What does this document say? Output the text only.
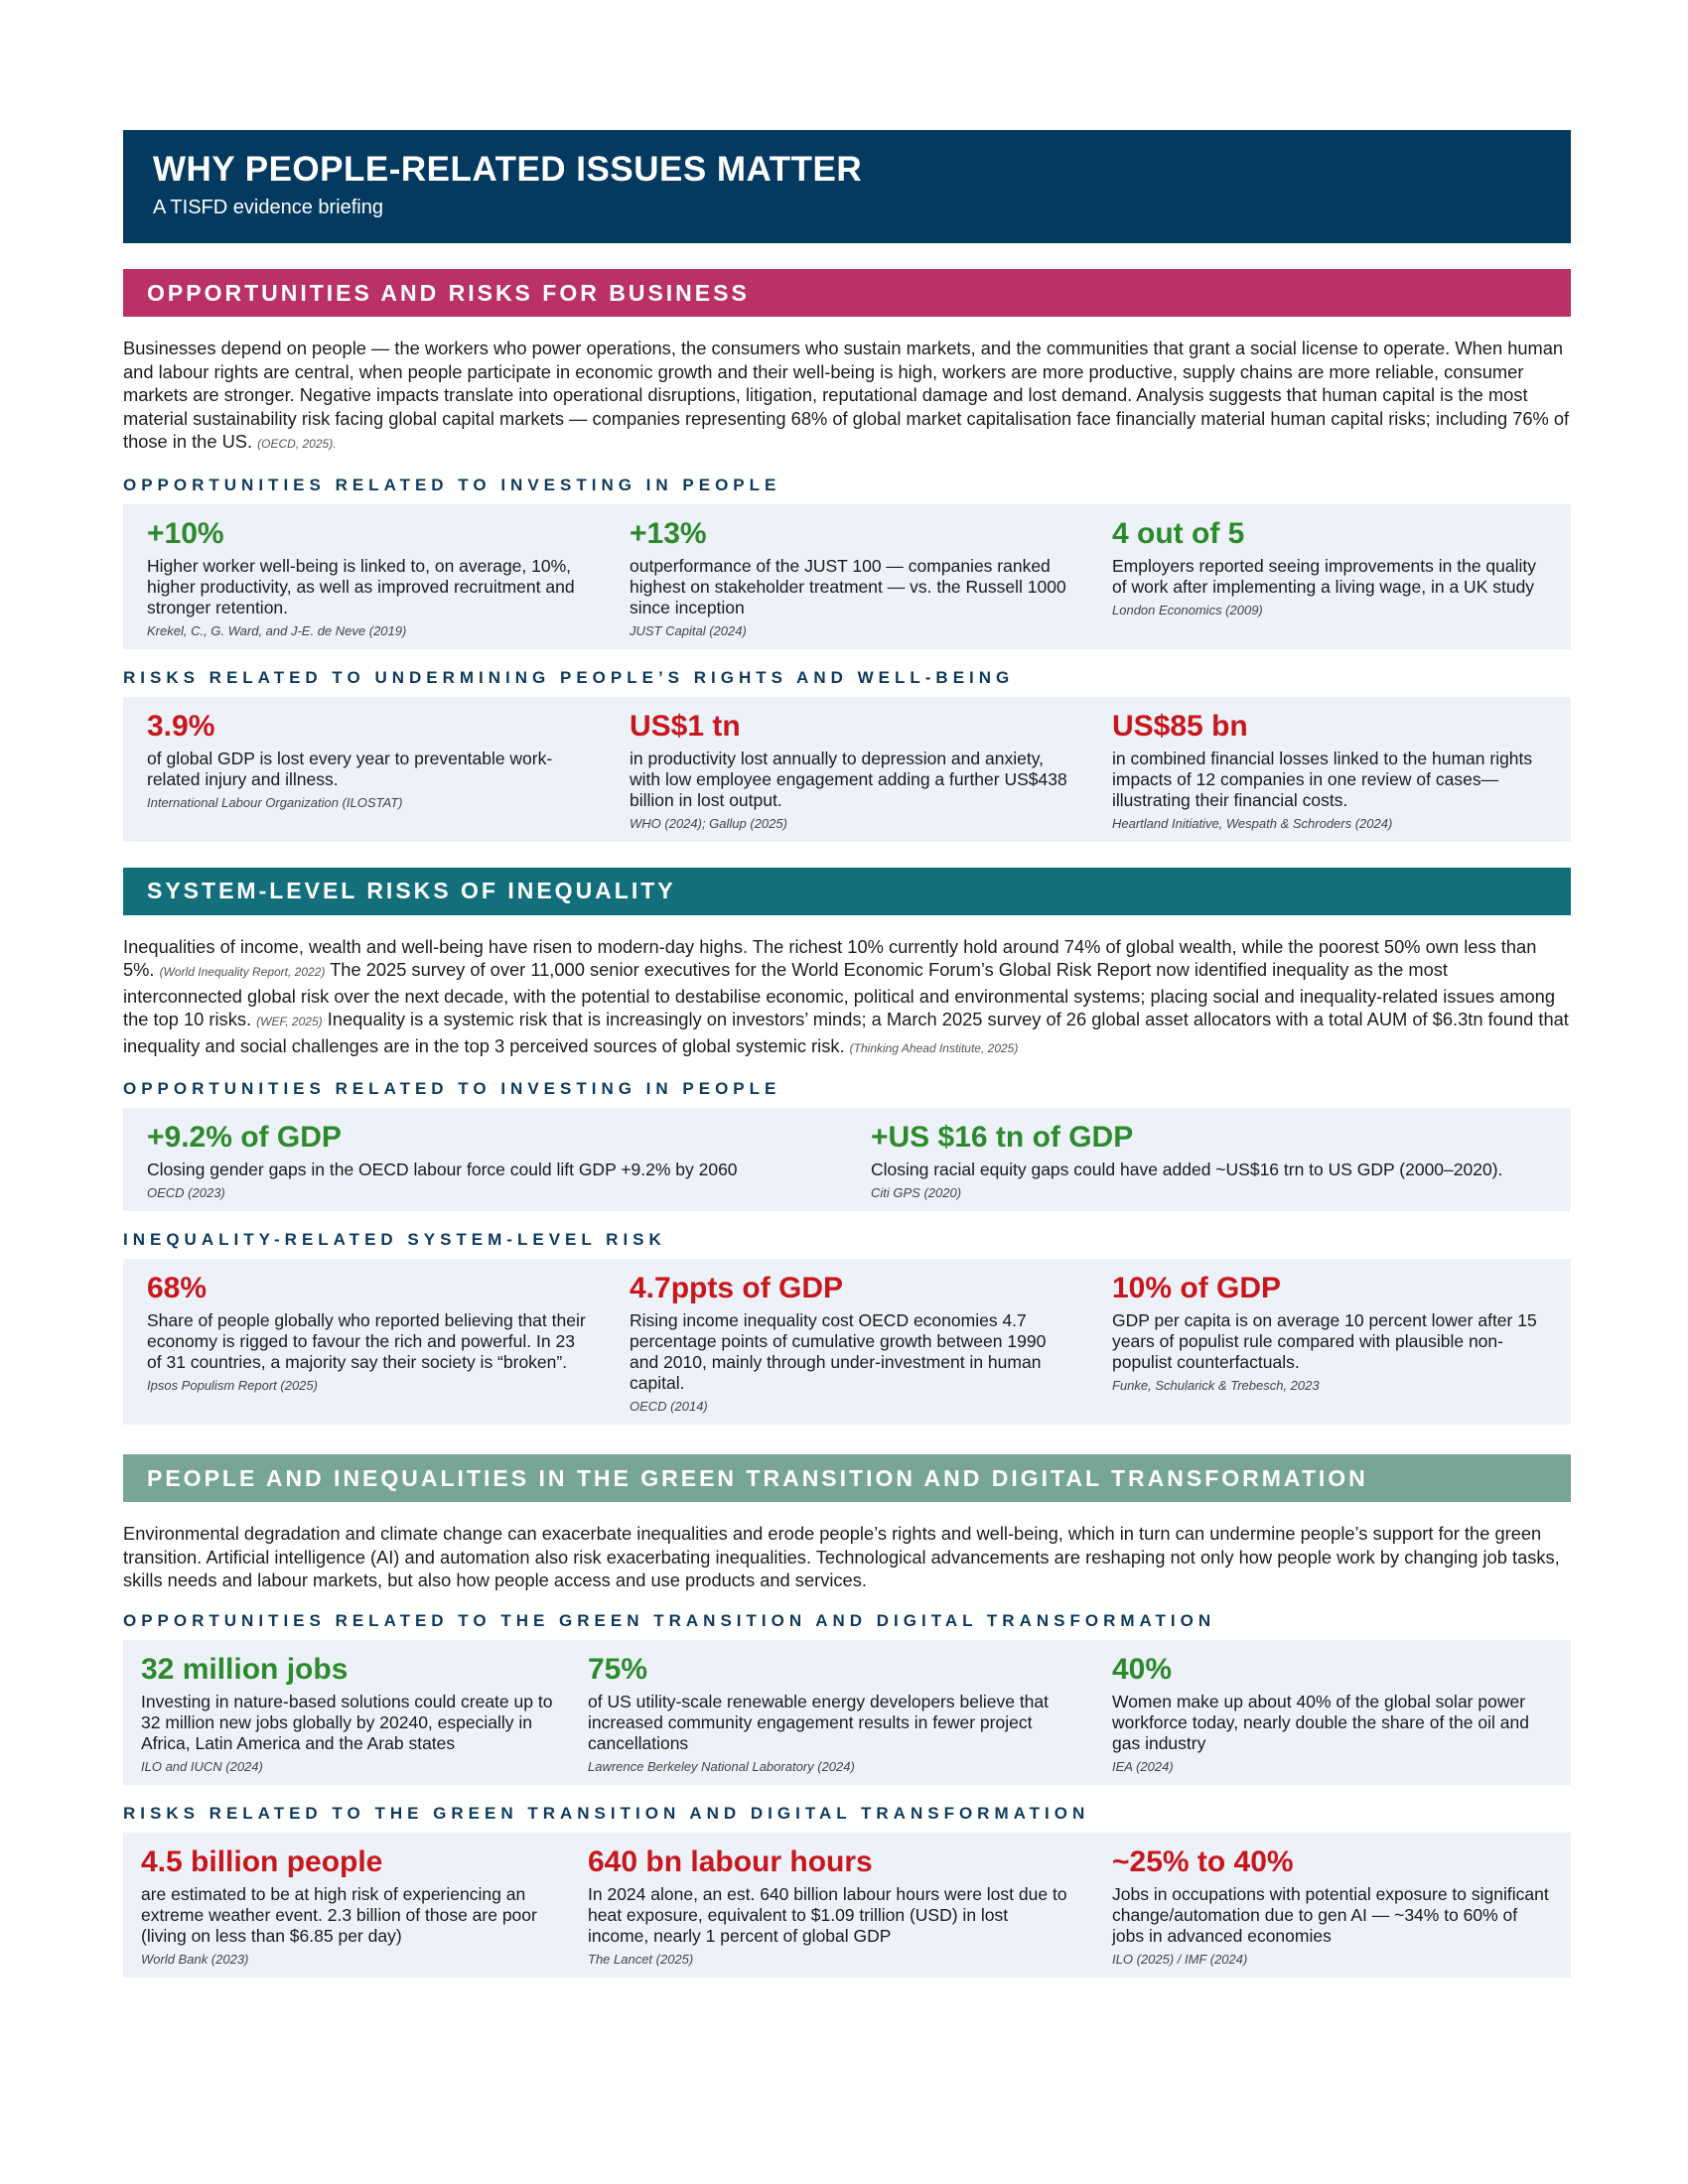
WHY PEOPLE-RELATED ISSUES MATTER
A TISFD evidence briefing
OPPORTUNITIES AND RISKS FOR BUSINESS

Businesses depend on people — the workers who power operations, the consumers who sustain markets, and the communities that grant a social license to operate. When human and labour rights are central, when people participate in economic growth and their well-being is high, workers are more productive, supply chains are more reliable, consumer markets are stronger. Negative impacts translate into operational disruptions, litigation, reputational damage and lost demand. Analysis suggests that human capital is the most material sustainability risk facing global capital markets — companies representing 68% of global market capitalisation face financially material human capital risks; including 76% of those in the US. (OECD, 2025).

OPPORTUNITIES RELATED TO INVESTING IN PEOPLE
+10%
Higher worker well-being is linked to, on average, 10%, higher productivity, as well as improved recruitment and stronger retention.
Krekel, C., G. Ward, and J-E. de Neve (2019)
+13%
outperformance of the JUST 100 — companies ranked highest on stakeholder treatment — vs. the Russell 1000 since inception
JUST Capital (2024)
4 out of 5
Employers reported seeing improvements in the quality of work after implementing a living wage, in a UK study
London Economics (2009)
RISKS RELATED TO UNDERMINING PEOPLE’S RIGHTS AND WELL-BEING
3.9%
of global GDP is lost every year to preventable work-related injury and illness.
International Labour Organization (ILOSTAT)
US$1 tn
in productivity lost annually to depression and anxiety, with low employee engagement adding a further US$438 billion in lost output.
WHO (2024); Gallup (2025)
US$85 bn
in combined financial losses linked to the human rights impacts of 12 companies in one review of cases— illustrating their financial costs.
Heartland Initiative, Wespath & Schroders (2024)
SYSTEM-LEVEL RISKS OF INEQUALITY

Inequalities of income, wealth and well-being have risen to modern-day highs. The richest 10% currently hold around 74% of global wealth, while the poorest 50% own less than 5%. (World Inequality Report, 2022) The 2025 survey of over 11,000 senior executives for the World Economic Forum’s Global Risk Report now identified inequality as the most interconnected global risk over the next decade, with the potential to destabilise economic, political and environmental systems; placing social and inequality-related issues among the top 10 risks. (WEF, 2025) Inequality is a systemic risk that is increasingly on investors’ minds; a March 2025 survey of 26 global asset allocators with a total AUM of $6.3tn found that inequality and social challenges are in the top 3 perceived sources of global systemic risk. (Thinking Ahead Institute, 2025)

OPPORTUNITIES RELATED TO INVESTING IN PEOPLE
+9.2% of GDP
Closing gender gaps in the OECD labour force could lift GDP +9.2% by 2060
OECD (2023)
+US $16 tn of GDP
Closing racial equity gaps could have added ~US$16 trn to US GDP (2000–2020).
Citi GPS (2020)
INEQUALITY-RELATED SYSTEM-LEVEL RISK
68%
Share of people globally who reported believing that their economy is rigged to favour the rich and powerful. In 23 of 31 countries, a majority say their society is “broken”.
Ipsos Populism Report (2025)
4.7ppts of GDP
Rising income inequality cost OECD economies 4.7 percentage points of cumulative growth between 1990 and 2010, mainly through under-investment in human capital.
OECD (2014)
10% of GDP
GDP per capita is on average 10 percent lower after 15 years of populist rule compared with plausible non-populist counterfactuals.
Funke, Schularick & Trebesch, 2023
PEOPLE AND INEQUALITIES IN THE GREEN TRANSITION AND DIGITAL TRANSFORMATION

Environmental degradation and climate change can exacerbate inequalities and erode people’s rights and well-being, which in turn can undermine people’s support for the green transition. Artificial intelligence (AI) and automation also risk exacerbating inequalities. Technological advancements are reshaping not only how people work by changing job tasks, skills needs and labour markets, but also how people access and use products and services.

OPPORTUNITIES RELATED TO THE GREEN TRANSITION AND DIGITAL TRANSFORMATION
32 million jobs
Investing in nature-based solutions could create up to 32 million new jobs globally by 20240, especially in Africa, Latin America and the Arab states
ILO and IUCN (2024)
75%
of US utility-scale renewable energy developers believe that increased community engagement results in fewer project cancellations
Lawrence Berkeley National Laboratory (2024)
40%
Women make up about 40% of the global solar power workforce today, nearly double the share of the oil and gas industry
IEA (2024)
RISKS RELATED TO THE GREEN TRANSITION AND DIGITAL TRANSFORMATION
4.5 billion people
are estimated to be at high risk of experiencing an extreme weather event. 2.3 billion of those are poor (living on less than $6.85 per day)
World Bank (2023)
640 bn labour hours
In 2024 alone, an est. 640 billion labour hours were lost due to heat exposure, equivalent to $1.09 trillion (USD) in lost income, nearly 1 percent of global GDP
The Lancet (2025)
~25% to 40%
Jobs in occupations with potential exposure to significant change/automation due to gen AI — ~34% to 60% of jobs in advanced economies
ILO (2025) / IMF (2024)
